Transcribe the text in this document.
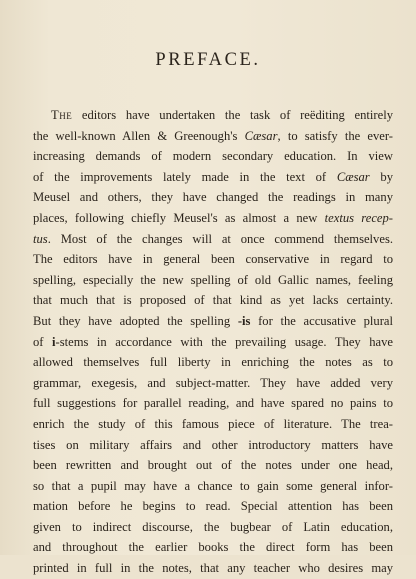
PREFACE.
The editors have undertaken the task of reëditing entirely
the well-known Allen & Greenough's Cæsar, to satisfy the ever-
increasing demands of modern secondary education. In view
of the improvements lately made in the text of Cæsar by
Meusel and others, they have changed the readings in many
places, following chiefly Meusel's as almost a new textus recep-
tus. Most of the changes will at once commend themselves.
The editors have in general been conservative in regard to
spelling, especially the new spelling of old Gallic names, feeling
that much that is proposed of that kind as yet lacks certainty.
But they have adopted the spelling -is for the accusative plural
of i-stems in accordance with the prevailing usage. They have
allowed themselves full liberty in enriching the notes as to
grammar, exegesis, and subject-matter. They have added very
full suggestions for parallel reading, and have spared no pains to
enrich the study of this famous piece of literature. The trea-
tises on military affairs and other introductory matters have
been rewritten and brought out of the notes under one head,
so that a pupil may have a chance to gain some general infor-
mation before he begins to read. Special attention has been
given to indirect discourse, the bugbear of Latin education,
and throughout the earlier books the direct form has been
printed in full in the notes, that any teacher who desires may
